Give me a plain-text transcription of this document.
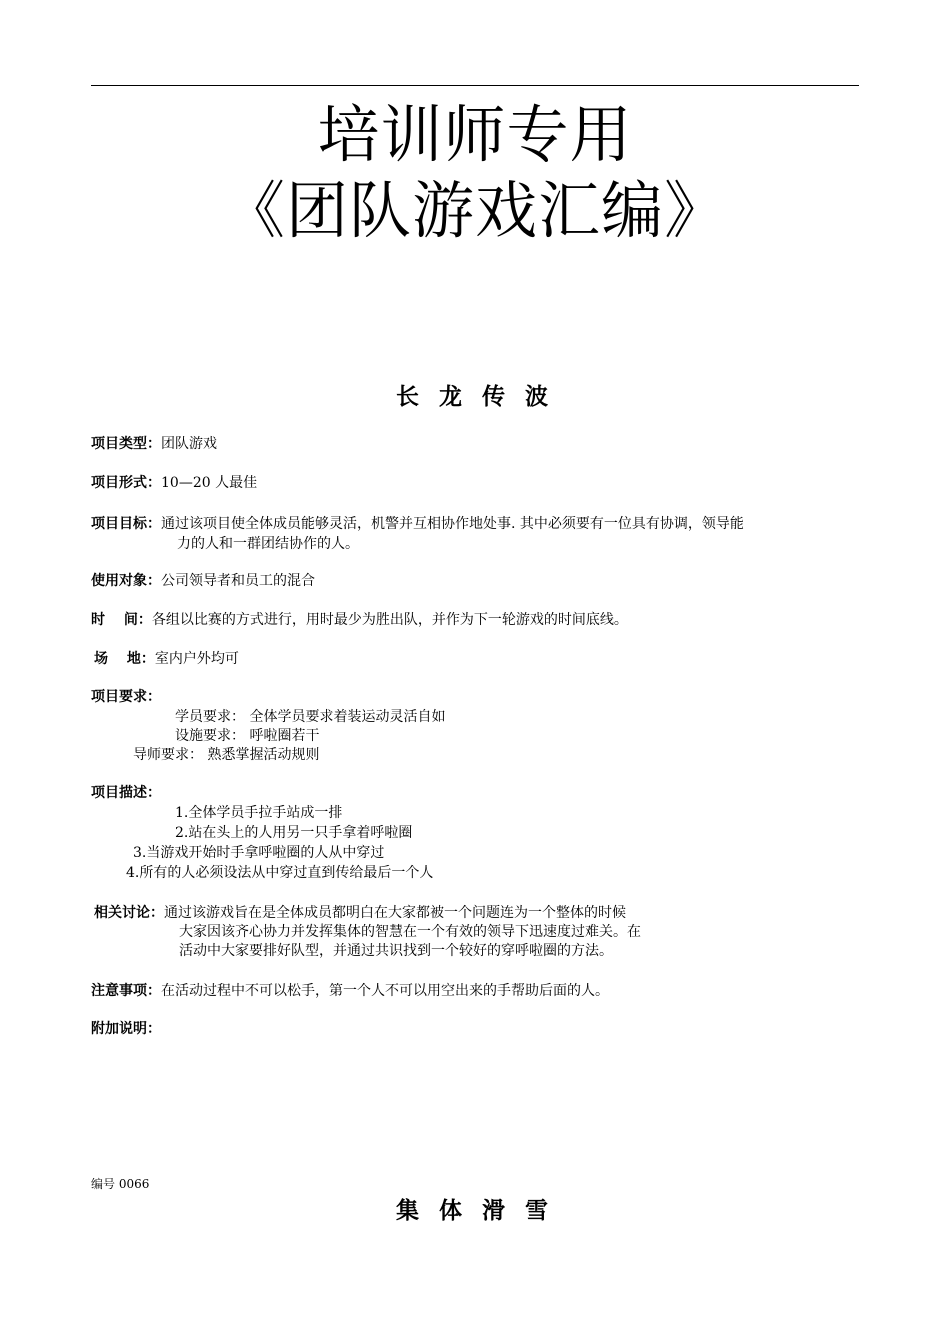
培训师专用
《团队游戏汇编》
长 龙 传 波
项目类型：团队游戏
项目形式：10—20 人最佳
项目目标：通过该项目使全体成员能够灵活，机警并互相协作地处事. 其中必须要有一位具有协调，领导能
力的人和一群团结协作的人。
使用对象：公司领导者和员工的混合
时　 间：各组以比赛的方式进行，用时最少为胜出队，并作为下一轮游戏的时间底线。
场　 地：室内户外均可
项目要求：
学员要求： 全体学员要求着装运动灵活自如
设施要求： 呼啦圈若干
导师要求： 熟悉掌握活动规则
项目描述：
1.全体学员手拉手站成一排
2.站在头上的人用另一只手拿着呼啦圈
3.当游戏开始时手拿呼啦圈的人从中穿过
4.所有的人必须设法从中穿过直到传给最后一个人
相关讨论：通过该游戏旨在是全体成员都明白在大家都被一个问题连为一个整体的时候
大家因该齐心协力并发挥集体的智慧在一个有效的领导下迅速度过难关。在
活动中大家要排好队型，并通过共识找到一个较好的穿呼啦圈的方法。
注意事项：在活动过程中不可以松手，第一个人不可以用空出来的手帮助后面的人。
附加说明：
编号 0066
集 体 滑 雪
